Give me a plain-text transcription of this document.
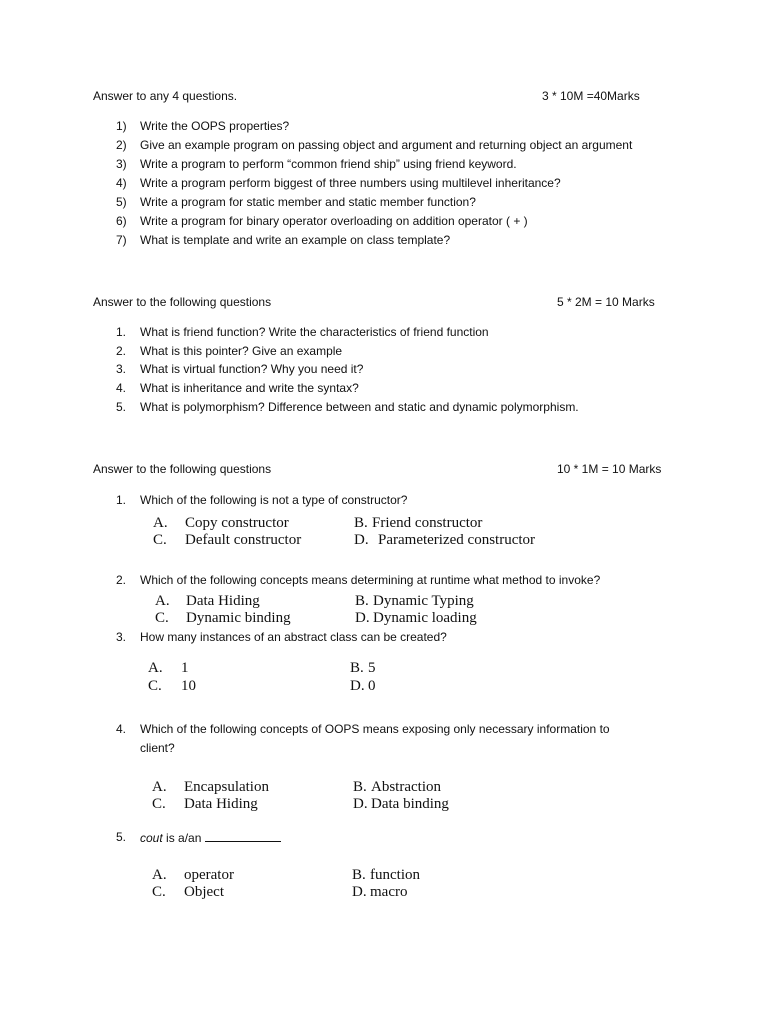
Answer to any 4 questions.	3 * 10M =40Marks
1) Write the OOPS properties?
2) Give an example program on passing object and argument and returning object an argument
3) Write a program to perform “common friend ship” using friend keyword.
4) Write a program perform biggest of three numbers using multilevel inheritance?
5) Write a program for static member and static member function?
6) Write a program for binary operator overloading on addition operator ( + )
7) What is template and write an example on class template?
Answer to the following questions	5 * 2M = 10 Marks
1. What is friend function? Write the characteristics of friend function
2. What is this pointer? Give an example
3. What is virtual function? Why you need it?
4. What is inheritance and write the syntax?
5. What is polymorphism? Difference between and static and dynamic polymorphism.
Answer to the following questions	10 * 1M = 10 Marks
1. Which of the following is not a type of constructor?
A. Copy constructor	B. Friend constructor
C. Default constructor	D. Parameterized constructor
2. Which of the following concepts means determining at runtime what method to invoke?
A. Data Hiding	B. Dynamic Typing
C. Dynamic binding	D. Dynamic loading
3. How many instances of an abstract class can be created?
A. 1	B. 5
C. 10	D. 0
4. Which of the following concepts of OOPS means exposing only necessary information to
client?
A. Encapsulation	B. Abstraction
C. Data Hiding	D. Data binding
5. cout is a/an
A. operator	B. function
C. Object	D. macro
